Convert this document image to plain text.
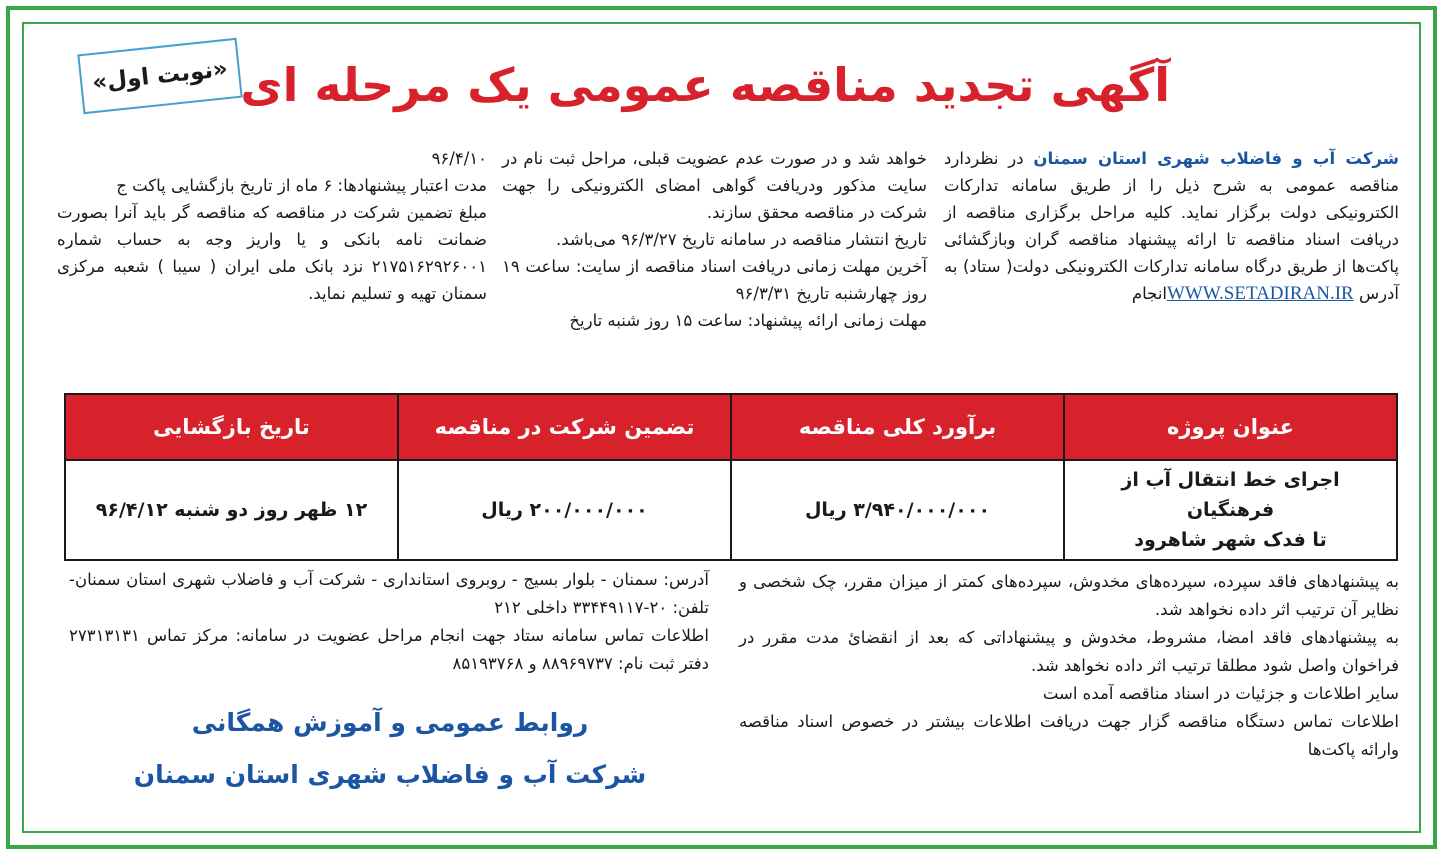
«نوبت اول» آگهی تجدید مناقصه عمومی یک مرحله ای

شرکت آب و فاضلاب شهری استان سمنان در نظردارد مناقصه عمومی به شرح ذیل را از طریق سامانه تدارکات الکترونیکی دولت برگزار نماید. کلیه مراحل برگزاری مناقصه از دریافت اسناد مناقصه تا ارائه پیشنهاد مناقصه گران وبازگشائی پاکت‌ها از طریق درگاه سامانه تدارکات الکترونیکی دولت( ستاد) به آدرس WWW.SETADIRAN.IRانجام

خواهد شد و در صورت عدم عضویت قبلی، مراحل ثبت نام در سایت مذکور ودریافت گواهی امضای الکترونیکی را جهت شرکت در مناقصه محقق سازند.

تاریخ انتشار مناقصه در سامانه تاریخ ۹۶/۳/۲۷ می‌باشد.

آخرین مهلت زمانی دریافت اسناد مناقصه از سایت: ساعت ۱۹ روز چهارشنبه تاریخ ۹۶/۳/۳۱

مهلت زمانی ارائه پیشنهاد: ساعت ۱۵ روز شنبه تاریخ

۹۶/۴/۱۰

مدت اعتبار پیشنهادها: ۶ ماه از تاریخ بازگشایی پاکت ج

مبلغ تضمین شرکت در مناقصه که مناقصه گر باید آنرا بصورت ضمانت نامه بانکی و یا واریز وجه به حساب شماره ۲۱۷۵۱۶۲۹۲۶۰۰۱ نزد بانک ملی ایران ( سیبا ) شعبه مرکزی سمنان تهیه و تسلیم نماید.

عنوان پروژه	برآورد کلی مناقصه	تضمین شرکت در مناقصه	تاریخ بازگشایی

اجرای خط انتقال آب از فرهنگیان
تا فدک شهر شاهرود	۳/۹۴۰/۰۰۰/۰۰۰ ریال	۲۰۰/۰۰۰/۰۰۰ ریال	۱۲ ظهر روز دو شنبه ۹۶/۴/۱۲

به پیشنهادهای فاقد سپرده، سپرده‌های مخدوش، سپرده‌های کمتر از میزان مقرر، چک شخصی و نظایر آن ترتیب اثر داده نخواهد شد.

به پیشنهادهای فاقد امضا، مشروط، مخدوش و پیشنهاداتی که بعد از انقضائ مدت مقرر در فراخوان واصل شود مطلقا ترتیب اثر داده نخواهد شد.

سایر اطلاعات و جزئیات در اسناد مناقصه آمده است

اطلاعات تماس دستگاه مناقصه گزار جهت دریافت اطلاعات بیشتر در خصوص اسناد مناقصه وارائه پاکت‌ها

آدرس: سمنان - بلوار بسیج - روبروی استانداری - شرکت آب و فاضلاب شهری استان سمنان- تلفن: ۲۰-۳۳۴۴۹۱۱۷ داخلی ۲۱۲

اطلاعات تماس سامانه ستاد جهت انجام مراحل عضویت در سامانه: مرکز تماس ۲۷۳۱۳۱۳۱ دفتر ثبت نام: ۸۸۹۶۹۷۳۷ و ۸۵۱۹۳۷۶۸

روابط عمومی و آموزش همگانی
شرکت آب و فاضلاب شهری استان سمنان
